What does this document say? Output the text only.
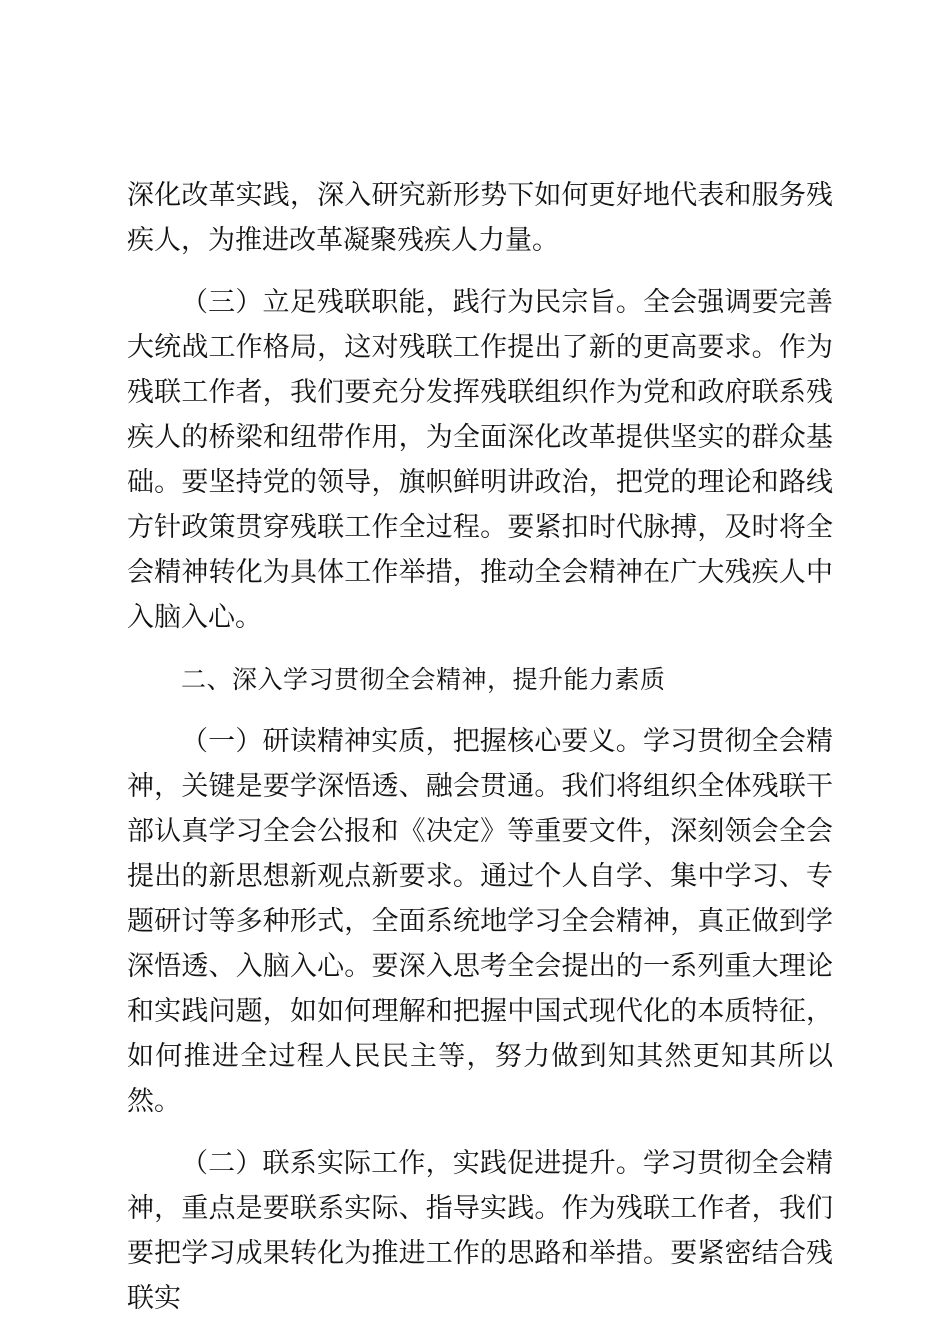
深化改革实践，深入研究新形势下如何更好地代表和服务残疾人，为推进改革凝聚残疾人力量。

（三）立足残联职能，践行为民宗旨。全会强调要完善大统战工作格局，这对残联工作提出了新的更高要求。作为残联工作者，我们要充分发挥残联组织作为党和政府联系残疾人的桥梁和纽带作用，为全面深化改革提供坚实的群众基础。要坚持党的领导，旗帜鲜明讲政治，把党的理论和路线方针政策贯穿残联工作全过程。要紧扣时代脉搏，及时将全会精神转化为具体工作举措，推动全会精神在广大残疾人中入脑入心。

二、深入学习贯彻全会精神，提升能力素质

（一）研读精神实质，把握核心要义。学习贯彻全会精神，关键是要学深悟透、融会贯通。我们将组织全体残联干部认真学习全会公报和《决定》等重要文件，深刻领会全会提出的新思想新观点新要求。通过个人自学、集中学习、专题研讨等多种形式，全面系统地学习全会精神，真正做到学深悟透、入脑入心。要深入思考全会提出的一系列重大理论和实践问题，如如何理解和把握中国式现代化的本质特征，如何推进全过程人民民主等，努力做到知其然更知其所以然。

（二）联系实际工作，实践促进提升。学习贯彻全会精神，重点是要联系实际、指导实践。作为残联工作者，我们要把学习成果转化为推进工作的思路和举措。要紧密结合残联实
